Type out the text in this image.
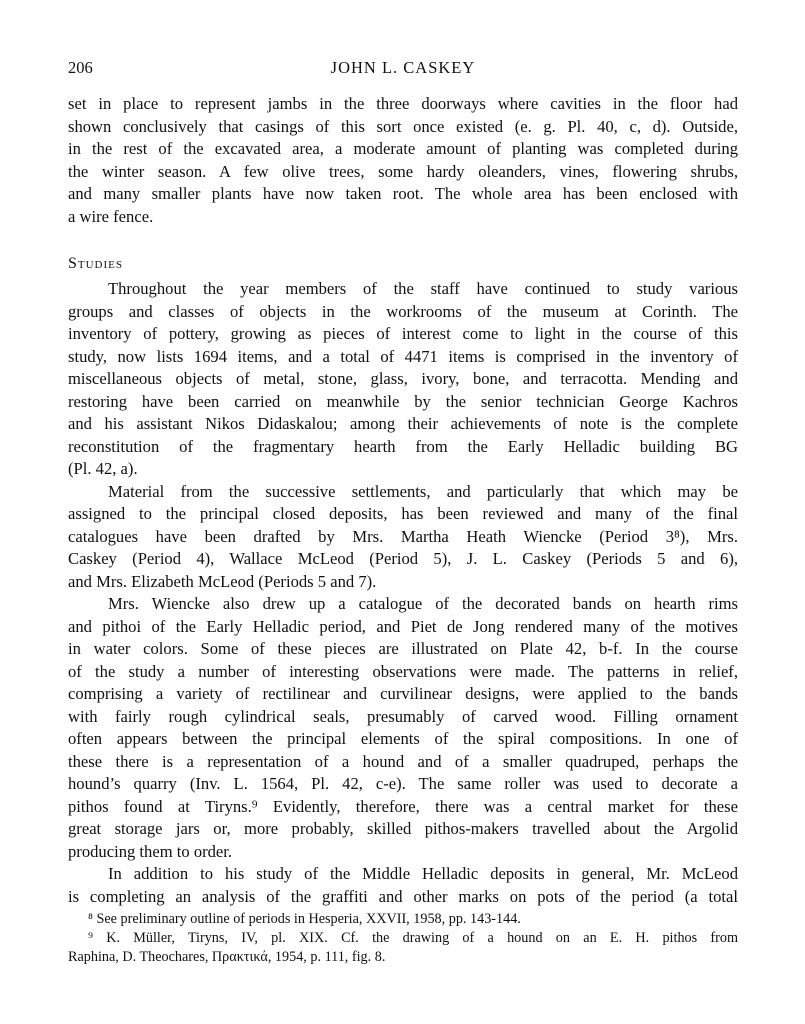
206	JOHN L. CASKEY
set in place to represent jambs in the three doorways where cavities in the floor had
shown conclusively that casings of this sort once existed (e. g. Pl. 40, c, d). Outside,
in the rest of the excavated area, a moderate amount of planting was completed during
the winter season. A few olive trees, some hardy oleanders, vines, flowering shrubs,
and many smaller plants have now taken root. The whole area has been enclosed with
a wire fence.
Studies
Throughout the year members of the staff have continued to study various
groups and classes of objects in the workrooms of the museum at Corinth. The
inventory of pottery, growing as pieces of interest come to light in the course of this
study, now lists 1694 items, and a total of 4471 items is comprised in the inventory of
miscellaneous objects of metal, stone, glass, ivory, bone, and terracotta. Mending and
restoring have been carried on meanwhile by the senior technician George Kachros
and his assistant Nikos Didaskalou; among their achievements of note is the complete
reconstitution of the fragmentary hearth from the Early Helladic building BG
(Pl. 42, a).
Material from the successive settlements, and particularly that which may be
assigned to the principal closed deposits, has been reviewed and many of the final
catalogues have been drafted by Mrs. Martha Heath Wiencke (Period 3⁸), Mrs.
Caskey (Period 4), Wallace McLeod (Period 5), J. L. Caskey (Periods 5 and 6),
and Mrs. Elizabeth McLeod (Periods 5 and 7).
Mrs. Wiencke also drew up a catalogue of the decorated bands on hearth rims
and pithoi of the Early Helladic period, and Piet de Jong rendered many of the motives
in water colors. Some of these pieces are illustrated on Plate 42, b-f. In the course
of the study a number of interesting observations were made. The patterns in relief,
comprising a variety of rectilinear and curvilinear designs, were applied to the bands
with fairly rough cylindrical seals, presumably of carved wood. Filling ornament
often appears between the principal elements of the spiral compositions. In one of
these there is a representation of a hound and of a smaller quadruped, perhaps the
hound’s quarry (Inv. L. 1564, Pl. 42, c-e). The same roller was used to decorate a
pithos found at Tiryns.⁹ Evidently, therefore, there was a central market for these
great storage jars or, more probably, skilled pithos-makers travelled about the Argolid
producing them to order.
In addition to his study of the Middle Helladic deposits in general, Mr. McLeod
is completing an analysis of the graffiti and other marks on pots of the period (a total
⁸ See preliminary outline of periods in Hesperia, XXVII, 1958, pp. 143-144.
⁹ K. Müller, Tiryns, IV, pl. XIX. Cf. the drawing of a hound on an E. H. pithos from
Raphina, D. Theochares, Πρακτικά, 1954, p. 111, fig. 8.
